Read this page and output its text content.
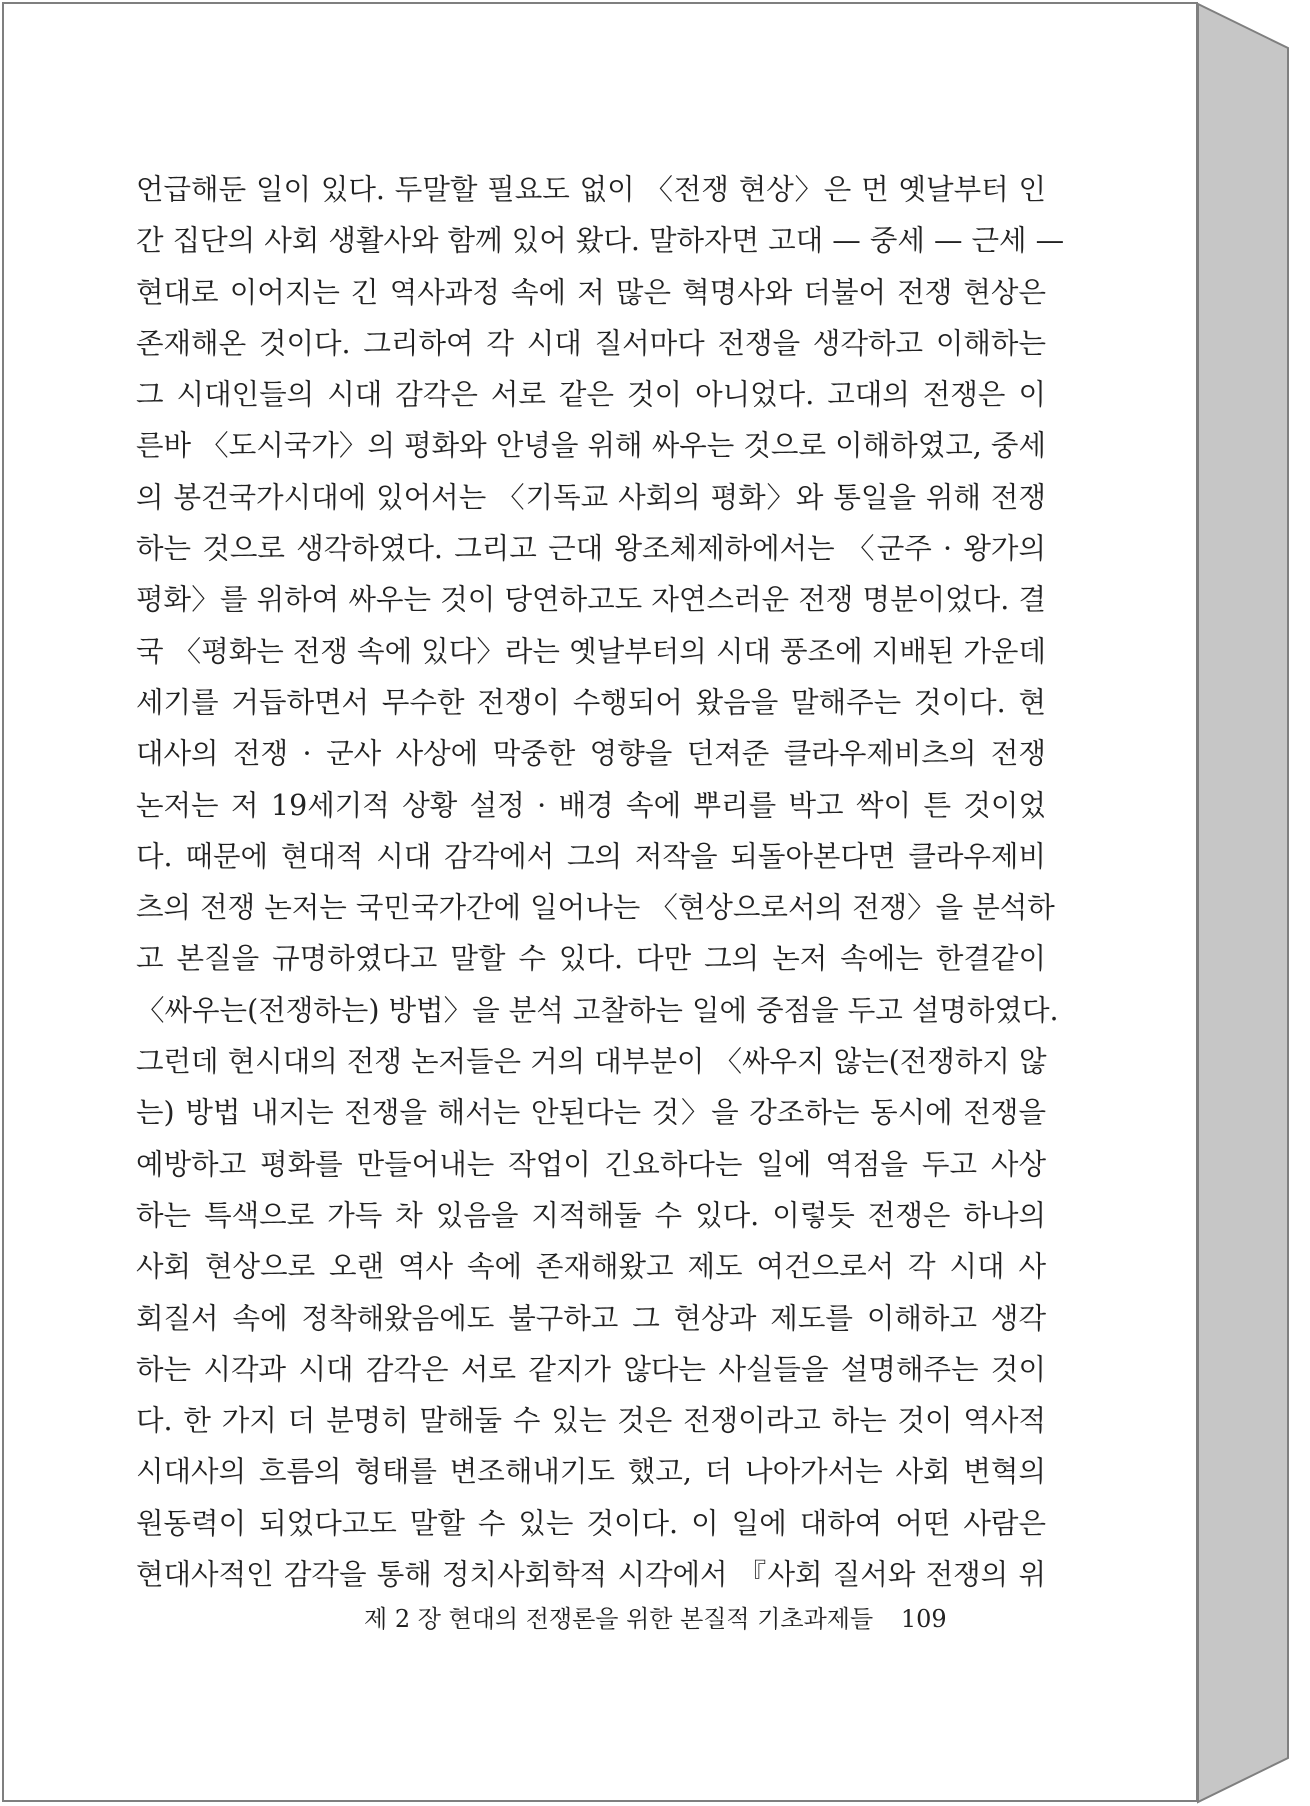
언급해둔 일이 있다. 두말할 필요도 없이 〈전쟁 현상〉은 먼 옛날부터 인
간 집단의 사회 생활사와 함께 있어 왔다. 말하자면 고대 — 중세 — 근세 —
현대로 이어지는 긴 역사과정 속에 저 많은 혁명사와 더불어 전쟁 현상은
존재해온 것이다. 그리하여 각 시대 질서마다 전쟁을 생각하고 이해하는
그 시대인들의 시대 감각은 서로 같은 것이 아니었다. 고대의 전쟁은 이
른바 〈도시국가〉의 평화와 안녕을 위해 싸우는 것으로 이해하였고, 중세
의 봉건국가시대에 있어서는 〈기독교 사회의 평화〉와 통일을 위해 전쟁
하는 것으로 생각하였다. 그리고 근대 왕조체제하에서는 〈군주 · 왕가의
평화〉를 위하여 싸우는 것이 당연하고도 자연스러운 전쟁 명분이었다. 결
국 〈평화는 전쟁 속에 있다〉라는 옛날부터의 시대 풍조에 지배된 가운데
세기를 거듭하면서 무수한 전쟁이 수행되어 왔음을 말해주는 것이다. 현
대사의 전쟁 · 군사 사상에 막중한 영향을 던져준 클라우제비츠의 전쟁
논저는 저 19세기적 상황 설정 · 배경 속에 뿌리를 박고 싹이 튼 것이었
다. 때문에 현대적 시대 감각에서 그의 저작을 되돌아본다면 클라우제비
츠의 전쟁 논저는 국민국가간에 일어나는 〈현상으로서의 전쟁〉을 분석하
고 본질을 규명하였다고 말할 수 있다. 다만 그의 논저 속에는 한결같이
〈싸우는(전쟁하는) 방법〉을 분석 고찰하는 일에 중점을 두고 설명하였다.
그런데 현시대의 전쟁 논저들은 거의 대부분이 〈싸우지 않는(전쟁하지 않
는) 방법 내지는 전쟁을 해서는 안된다는 것〉을 강조하는 동시에 전쟁을
예방하고 평화를 만들어내는 작업이 긴요하다는 일에 역점을 두고 사상
하는 특색으로 가득 차 있음을 지적해둘 수 있다. 이렇듯 전쟁은 하나의
사회 현상으로 오랜 역사 속에 존재해왔고 제도 여건으로서 각 시대 사
회질서 속에 정착해왔음에도 불구하고 그 현상과 제도를 이해하고 생각
하는 시각과 시대 감각은 서로 같지가 않다는 사실들을 설명해주는 것이
다. 한 가지 더 분명히 말해둘 수 있는 것은 전쟁이라고 하는 것이 역사적
시대사의 흐름의 형태를 변조해내기도 했고, 더 나아가서는 사회 변혁의
원동력이 되었다고도 말할 수 있는 것이다. 이 일에 대하여 어떤 사람은
현대사적인 감각을 통해 정치사회학적 시각에서 『사회 질서와 전쟁의 위
제 2 장 현대의 전쟁론을 위한 본질적 기초과제들 109
